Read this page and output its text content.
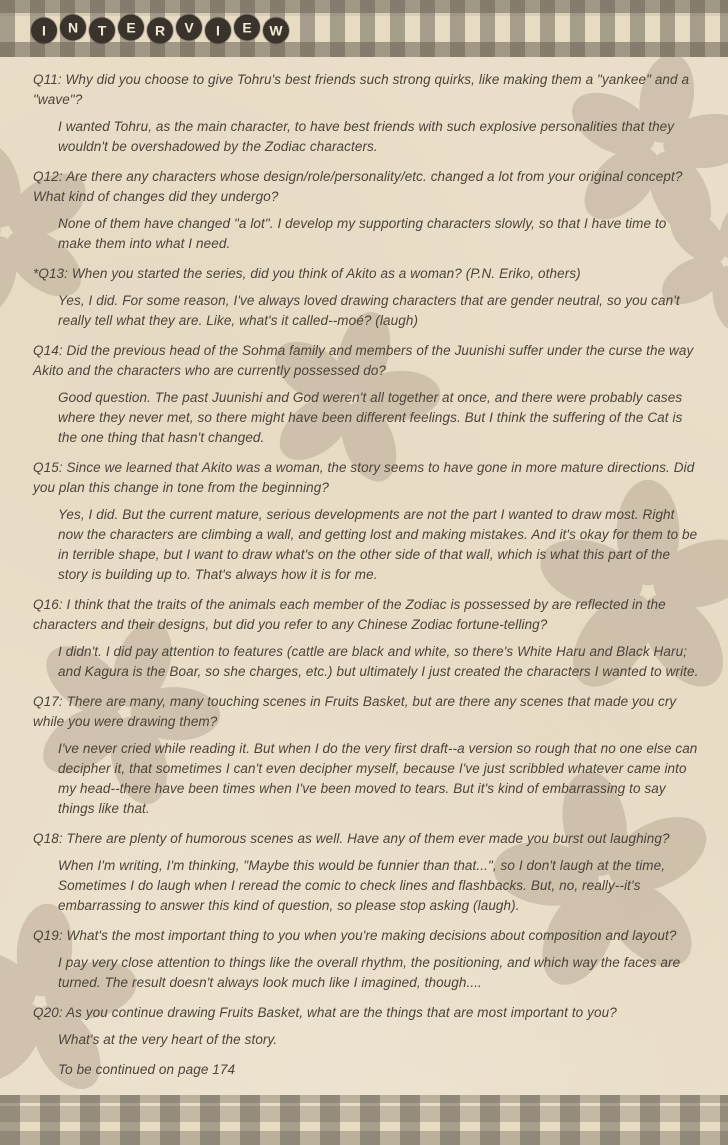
I	N	T	E	R	V	I	E	W

Q11: Why did you choose to give Tohru's best friends such strong quirks, like making them a "yankee" and a "wave"?

I wanted Tohru, as the main character, to have best friends with such explosive personalities that they wouldn't be overshadowed by the Zodiac characters.

Q12: Are there any characters whose design/role/personality/etc. changed a lot from your original concept? What kind of changes did they undergo?

None of them have changed "a lot". I develop my supporting characters slowly, so that I have time to make them into what I need.

*Q13: When you started the series, did you think of Akito as a woman? (P.N. Eriko, others)

Yes, I did. For some reason, I've always loved drawing characters that are gender neutral, so you can't really tell what they are. Like, what's it called--moé? (laugh)

Q14: Did the previous head of the Sohma family and members of the Juunishi suffer under the curse the way Akito and the characters who are currently possessed do?

Good question. The past Juunishi and God weren't all together at once, and there were probably cases where they never met, so there might have been different feelings. But I think the suffering of the Cat is the one thing that hasn't changed.

Q15: Since we learned that Akito was a woman, the story seems to have gone in more mature directions. Did you plan this change in tone from the beginning?

Yes, I did. But the current mature, serious developments are not the part I wanted to draw most. Right now the characters are climbing a wall, and getting lost and making mistakes. And it's okay for them to be in terrible shape, but I want to draw what's on the other side of that wall, which is what this part of the story is building up to. That's always how it is for me.

Q16: I think that the traits of the animals each member of the Zodiac is possessed by are reflected in the characters and their designs, but did you refer to any Chinese Zodiac fortune-telling?

I didn't. I did pay attention to features (cattle are black and white, so there's White Haru and Black Haru; and Kagura is the Boar, so she charges, etc.) but ultimately I just created the characters I wanted to write.

Q17: There are many, many touching scenes in Fruits Basket, but are there any scenes that made you cry while you were drawing them?

I've never cried while reading it. But when I do the very first draft--a version so rough that no one else can decipher it, that sometimes I can't even decipher myself, because I've just scribbled whatever came into my head--there have been times when I've been moved to tears. But it's kind of embarrassing to say things like that.

Q18: There are plenty of humorous scenes as well. Have any of them ever made you burst out laughing?

When I'm writing, I'm thinking, "Maybe this would be funnier than that...", so I don't laugh at the time, Sometimes I do laugh when I reread the comic to check lines and flashbacks. But, no, really--it's embarrassing to answer this kind of question, so please stop asking (laugh).

Q19: What's the most important thing to you when you're making decisions about composition and layout?

I pay very close attention to things like the overall rhythm, the positioning, and which way the faces are turned. The result doesn't always look much like I imagined, though....

Q20: As you continue drawing Fruits Basket, what are the things that are most important to you?

What's at the very heart of the story.

To be continued on page 174
